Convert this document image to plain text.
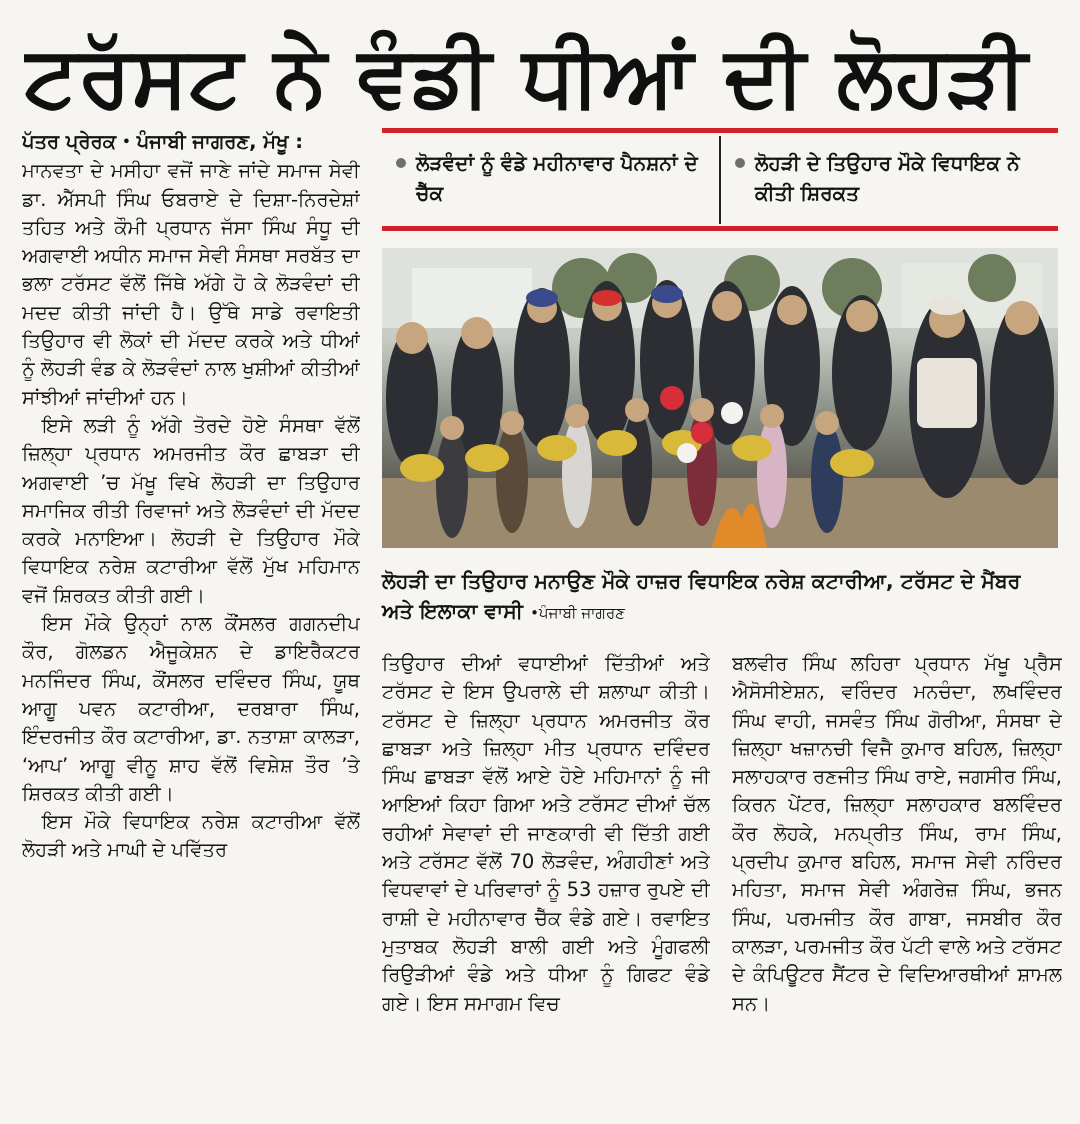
ਟਰੱਸਟ ਨੇ ਵੰਡੀ ਧੀਆਂ ਦੀ ਲੋਹੜੀ

ਪੱਤਰ ਪ੍ਰੇਰਕ • ਪੰਜਾਬੀ ਜਾਗਰਣ, ਮੱਖੂ :
ਮਾਨਵਤਾ ਦੇ ਮਸੀਹਾ ਵਜੋਂ ਜਾਣੇ ਜਾਂਦੇ ਸਮਾਜ ਸੇਵੀ ਡਾ. ਐੱਸਪੀ ਸਿੰਘ ਓਬਰਾਏ ਦੇ ਦਿਸ਼ਾ-ਨਿਰਦੇਸ਼ਾਂ ਤਹਿਤ ਅਤੇ ਕੌਮੀ ਪ੍ਰਧਾਨ ਜੱਸਾ ਸਿੰਘ ਸੰਧੂ ਦੀ ਅਗਵਾਈ ਅਧੀਨ ਸਮਾਜ ਸੇਵੀ ਸੰਸਥਾ ਸਰਬੱਤ ਦਾ ਭਲਾ ਟਰੱਸਟ ਵੱਲੋਂ ਜਿੱਥੇ ਅੱਗੇ ਹੋ ਕੇ ਲੋੜਵੰਦਾਂ ਦੀ ਮਦਦ ਕੀਤੀ ਜਾਂਦੀ ਹੈ। ਉੱਥੇ ਸਾਡੇ ਰਵਾਇਤੀ ਤਿਉਹਾਰ ਵੀ ਲੋਕਾਂ ਦੀ ਮੱਦਦ ਕਰਕੇ ਅਤੇ ਧੀਆਂ ਨੂੰ ਲੋਹੜੀ ਵੰਡ ਕੇ ਲੋੜਵੰਦਾਂ ਨਾਲ ਖੁਸ਼ੀਆਂ ਕੀਤੀਆਂ ਸਾਂਝੀਆਂ ਜਾਂਦੀਆਂ ਹਨ।

ਇਸੇ ਲੜੀ ਨੂੰ ਅੱਗੇ ਤੋਰਦੇ ਹੋਏ ਸੰਸਥਾ ਵੱਲੋਂ ਜ਼ਿਲ੍ਹਾ ਪ੍ਰਧਾਨ ਅਮਰਜੀਤ ਕੌਰ ਛਾਬੜਾ ਦੀ ਅਗਵਾਈ ’ਚ ਮੱਖੂ ਵਿਖੇ ਲੋਹੜੀ ਦਾ ਤਿਉਹਾਰ ਸਮਾਜਿਕ ਰੀਤੀ ਰਿਵਾਜਾਂ ਅਤੇ ਲੋੜਵੰਦਾਂ ਦੀ ਮੱਦਦ ਕਰਕੇ ਮਨਾਇਆ। ਲੋਹੜੀ ਦੇ ਤਿਉਹਾਰ ਮੌਕੇ ਵਿਧਾਇਕ ਨਰੇਸ਼ ਕਟਾਰੀਆ ਵੱਲੋਂ ਮੁੱਖ ਮਹਿਮਾਨ ਵਜੋਂ ਸ਼ਿਰਕਤ ਕੀਤੀ ਗਈ।

ਇਸ ਮੌਕੇ ਉਨ੍ਹਾਂ ਨਾਲ ਕੌਂਸਲਰ ਗਗਨਦੀਪ ਕੌਰ, ਗੋਲਡਨ ਐਜੂਕੇਸ਼ਨ ਦੇ ਡਾਇਰੈਕਟਰ ਮਨਜਿੰਦਰ ਸਿੰਘ, ਕੌਂਸਲਰ ਦਵਿੰਦਰ ਸਿੰਘ, ਯੂਥ ਆਗੂ ਪਵਨ ਕਟਾਰੀਆ, ਦਰਬਾਰਾ ਸਿੰਘ, ਇੰਦਰਜੀਤ ਕੌਰ ਕਟਾਰੀਆ, ਡਾ. ਨਤਾਸ਼ਾ ਕਾਲੜਾ, ‘ਆਪ’ ਆਗੂ ਵੀਨੂ ਸ਼ਾਹ ਵੱਲੋਂ ਵਿਸ਼ੇਸ਼ ਤੌਰ ’ਤੇ ਸ਼ਿਰਕਤ ਕੀਤੀ ਗਈ।

ਇਸ ਮੌਕੇ ਵਿਧਾਇਕ ਨਰੇਸ਼ ਕਟਾਰੀਆ ਵੱਲੋਂ ਲੋਹੜੀ ਅਤੇ ਮਾਘੀ ਦੇ ਪਵਿੱਤਰ

ਲੋੜਵੰਦਾਂ ਨੂੰ ਵੰਡੇ ਮਹੀਨਾਵਾਰ ਪੈਨਸ਼ਨਾਂ ਦੇ ਚੈੱਕ
ਲੋਹੜੀ ਦੇ ਤਿਉਹਾਰ ਮੌਕੇ ਵਿਧਾਇਕ ਨੇ ਕੀਤੀ ਸ਼ਿਰਕਤ
ਲੋਹੜੀ ਦਾ ਤਿਉਹਾਰ ਮਨਾਉਣ ਮੌਕੇ ਹਾਜ਼ਰ ਵਿਧਾਇਕ ਨਰੇਸ਼ ਕਟਾਰੀਆ, ਟਰੱਸਟ ਦੇ ਮੈਂਬਰ ਅਤੇ ਇਲਾਕਾ ਵਾਸੀ •ਪੰਜਾਬੀ ਜਾਗਰਣ

ਤਿਉਹਾਰ ਦੀਆਂ ਵਧਾਈਆਂ ਦਿੱਤੀਆਂ ਅਤੇ ਟਰੱਸਟ ਦੇ ਇਸ ਉਪਰਾਲੇ ਦੀ ਸ਼ਲਾਘਾ ਕੀਤੀ। ਟਰੱਸਟ ਦੇ ਜ਼ਿਲ੍ਹਾ ਪ੍ਰਧਾਨ ਅਮਰਜੀਤ ਕੌਰ ਛਾਬੜਾ ਅਤੇ ਜ਼ਿਲ੍ਹਾ ਮੀਤ ਪ੍ਰਧਾਨ ਦਵਿੰਦਰ ਸਿੰਘ ਛਾਬੜਾ ਵੱਲੋਂ ਆਏ ਹੋਏ ਮਹਿਮਾਨਾਂ ਨੂੰ ਜੀ ਆਇਆਂ ਕਿਹਾ ਗਿਆ ਅਤੇ ਟਰੱਸਟ ਦੀਆਂ ਚੱਲ ਰਹੀਆਂ ਸੇਵਾਵਾਂ ਦੀ ਜਾਣਕਾਰੀ ਵੀ ਦਿੱਤੀ ਗਈ ਅਤੇ ਟਰੱਸਟ ਵੱਲੋਂ 70 ਲੋੜਵੰਦ, ਅੰਗਹੀਣਾਂ ਅਤੇ ਵਿਧਵਾਵਾਂ ਦੇ ਪਰਿਵਾਰਾਂ ਨੂੰ 53 ਹਜ਼ਾਰ ਰੁਪਏ ਦੀ ਰਾਸ਼ੀ ਦੇ ਮਹੀਨਾਵਾਰ ਚੈੱਕ ਵੰਡੇ ਗਏ। ਰਵਾਇਤ ਮੁਤਾਬਕ ਲੋਹੜੀ ਬਾਲੀ ਗਈ ਅਤੇ ਮੂੰਗਫਲੀ ਰਿਉੜੀਆਂ ਵੰਡੇ ਅਤੇ ਧੀਆ ਨੂੰ ਗਿਫਟ ਵੰਡੇ ਗਏ। ਇਸ ਸਮਾਗਮ ਵਿਚ

ਬਲਵੀਰ ਸਿੰਘ ਲਹਿਰਾ ਪ੍ਰਧਾਨ ਮੱਖੂ ਪ੍ਰੈਸ ਐਸੋਸੀਏਸ਼ਨ, ਵਰਿੰਦਰ ਮਨਚੰਦਾ, ਲਖਵਿੰਦਰ ਸਿੰਘ ਵਾਹੀ, ਜਸਵੰਤ ਸਿੰਘ ਗੋਰੀਆ, ਸੰਸਥਾ ਦੇ ਜ਼ਿਲ੍ਹਾ ਖਜ਼ਾਨਚੀ ਵਿਜੈ ਕੁਮਾਰ ਬਹਿਲ, ਜ਼ਿਲ੍ਹਾ ਸਲਾਹਕਾਰ ਰਣਜੀਤ ਸਿੰਘ ਰਾਏ, ਜਗਸੀਰ ਸਿੰਘ, ਕਿਰਨ ਪੇਂਟਰ, ਜ਼ਿਲ੍ਹਾ ਸਲਾਹਕਾਰ ਬਲਵਿੰਦਰ ਕੌਰ ਲੋਹਕੇ, ਮਨਪ੍ਰੀਤ ਸਿੰਘ, ਰਾਮ ਸਿੰਘ, ਪ੍ਰਦੀਪ ਕੁਮਾਰ ਬਹਿਲ, ਸਮਾਜ ਸੇਵੀ ਨਰਿੰਦਰ ਮਹਿਤਾ, ਸਮਾਜ ਸੇਵੀ ਅੰਗਰੇਜ਼ ਸਿੰਘ, ਭਜਨ ਸਿੰਘ, ਪਰਮਜੀਤ ਕੌਰ ਗਾਬਾ, ਜਸਬੀਰ ਕੌਰ ਕਾਲੜਾ, ਪਰਮਜੀਤ ਕੌਰ ਪੱਟੀ ਵਾਲੇ ਅਤੇ ਟਰੱਸਟ ਦੇ ਕੰਪਿਊਟਰ ਸੈਂਟਰ ਦੇ ਵਿਦਿਆਰਥੀਆਂ ਸ਼ਾਮਲ ਸਨ।
